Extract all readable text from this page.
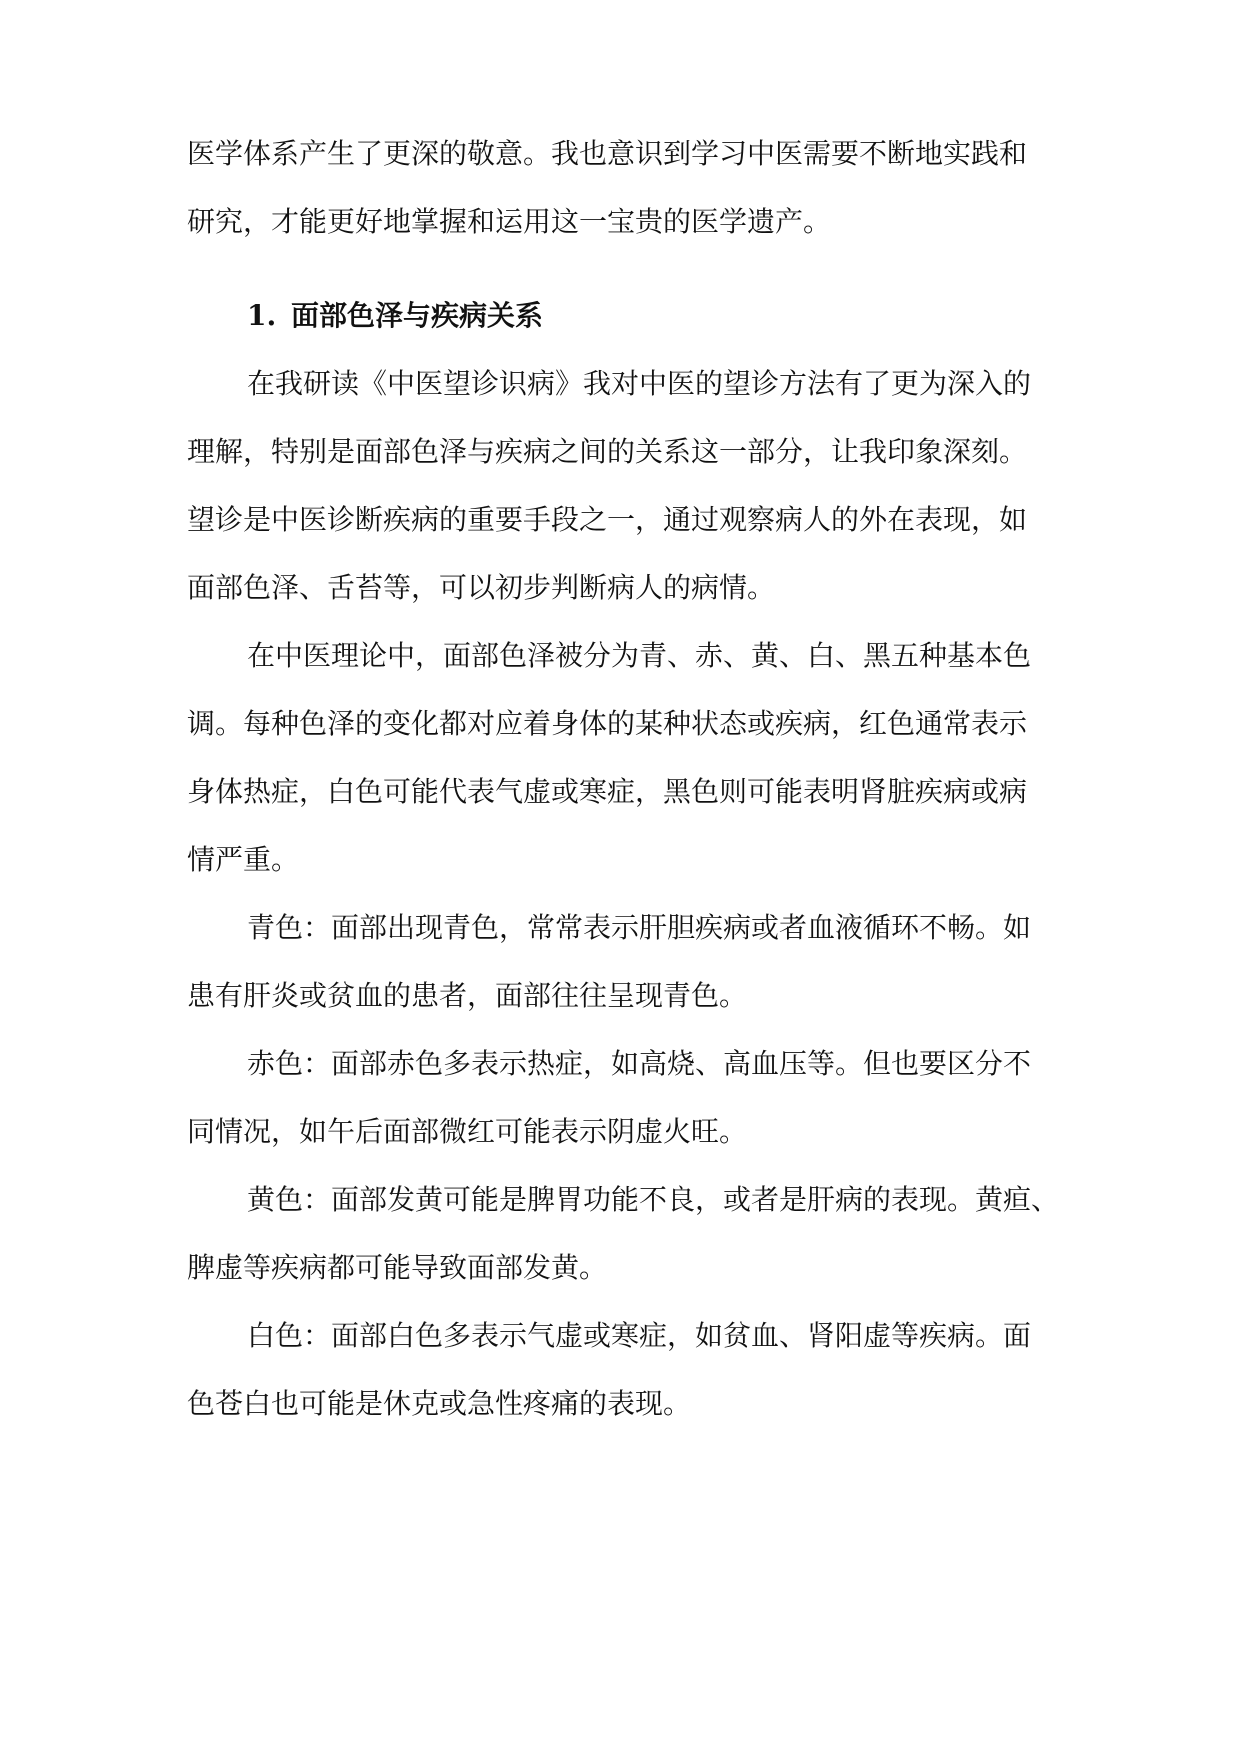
医学体系产生了更深的敬意。我也意识到学习中医需要不断地实践和

研究，才能更好地掌握和运用这一宝贵的医学遗产。

1. 面部色泽与疾病关系

在我研读《中医望诊识病》我对中医的望诊方法有了更为深入的

理解，特别是面部色泽与疾病之间的关系这一部分，让我印象深刻。

望诊是中医诊断疾病的重要手段之一，通过观察病人的外在表现，如

面部色泽、舌苔等，可以初步判断病人的病情。

在中医理论中，面部色泽被分为青、赤、黄、白、黑五种基本色

调。每种色泽的变化都对应着身体的某种状态或疾病，红色通常表示

身体热症，白色可能代表气虚或寒症，黑色则可能表明肾脏疾病或病

情严重。

青色：面部出现青色，常常表示肝胆疾病或者血液循环不畅。如

患有肝炎或贫血的患者，面部往往呈现青色。

赤色：面部赤色多表示热症，如高烧、高血压等。但也要区分不

同情况，如午后面部微红可能表示阴虚火旺。

黄色：面部发黄可能是脾胃功能不良，或者是肝病的表现。黄疸、

脾虚等疾病都可能导致面部发黄。

白色：面部白色多表示气虚或寒症，如贫血、肾阳虚等疾病。面

色苍白也可能是休克或急性疼痛的表现。
